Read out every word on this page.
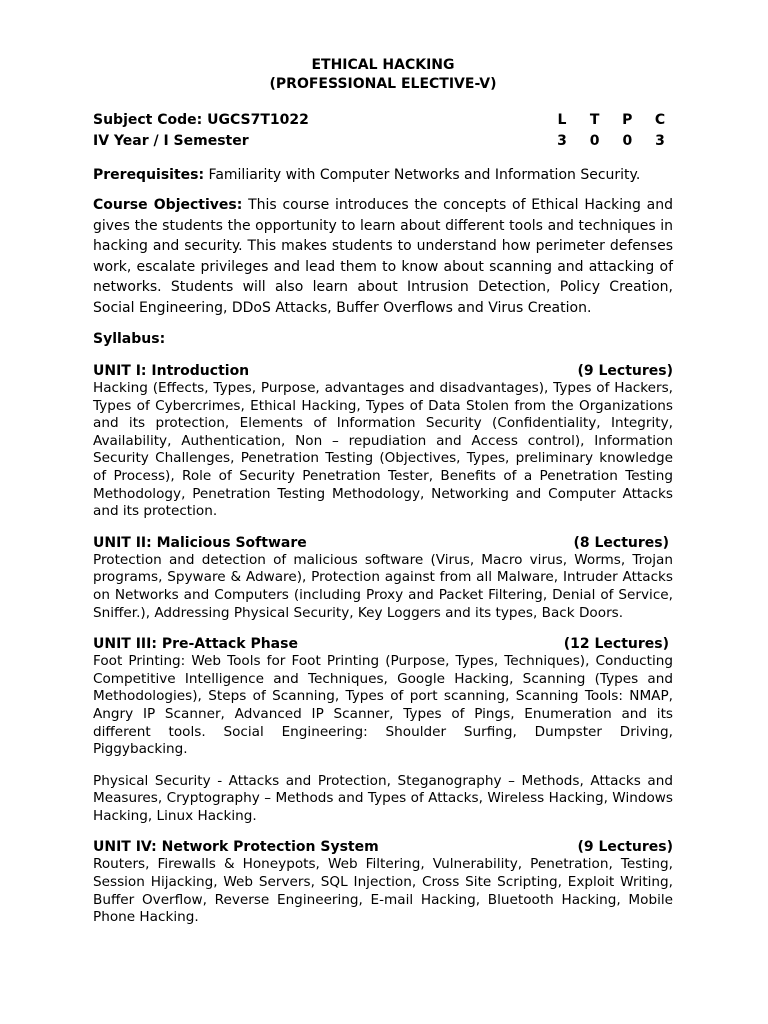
ETHICAL HACKING
(PROFESSIONAL ELECTIVE-V)
Subject Code: UGCS7T1022	L T P C
IV Year / I Semester	3 0 0 3
Prerequisites: Familiarity with Computer Networks and Information Security.
Course Objectives: This course introduces the concepts of Ethical Hacking and gives the students the opportunity to learn about different tools and techniques in hacking and security. This makes students to understand how perimeter defenses work, escalate privileges and lead them to know about scanning and attacking of networks. Students will also learn about Intrusion Detection, Policy Creation, Social Engineering, DDoS Attacks, Buffer Overflows and Virus Creation.
Syllabus:
UNIT I: Introduction	(9 Lectures)
Hacking (Effects, Types, Purpose, advantages and disadvantages), Types of Hackers, Types of Cybercrimes, Ethical Hacking, Types of Data Stolen from the Organizations and its protection, Elements of Information Security (Confidentiality, Integrity, Availability, Authentication, Non – repudiation and Access control), Information Security Challenges, Penetration Testing (Objectives, Types, preliminary knowledge of Process), Role of Security Penetration Tester, Benefits of a Penetration Testing Methodology, Penetration Testing Methodology, Networking and Computer Attacks and its protection.
UNIT II: Malicious Software	(8 Lectures)
Protection and detection of malicious software (Virus, Macro virus, Worms, Trojan programs, Spyware & Adware), Protection against from all Malware, Intruder Attacks on Networks and Computers (including Proxy and Packet Filtering, Denial of Service, Sniffer.), Addressing Physical Security, Key Loggers and its types, Back Doors.
UNIT III: Pre-Attack Phase	(12 Lectures)
Foot Printing: Web Tools for Foot Printing (Purpose, Types, Techniques), Conducting Competitive Intelligence and Techniques, Google Hacking, Scanning (Types and Methodologies), Steps of Scanning, Types of port scanning, Scanning Tools: NMAP, Angry IP Scanner, Advanced IP Scanner, Types of Pings, Enumeration and its different tools. Social Engineering: Shoulder Surfing, Dumpster Driving, Piggybacking.
Physical Security - Attacks and Protection, Steganography – Methods, Attacks and Measures, Cryptography – Methods and Types of Attacks, Wireless Hacking, Windows Hacking, Linux Hacking.
UNIT IV: Network Protection System	(9 Lectures)
Routers, Firewalls & Honeypots, Web Filtering, Vulnerability, Penetration, Testing, Session Hijacking, Web Servers, SQL Injection, Cross Site Scripting, Exploit Writing, Buffer Overflow, Reverse Engineering, E-mail Hacking, Bluetooth Hacking, Mobile Phone Hacking.
